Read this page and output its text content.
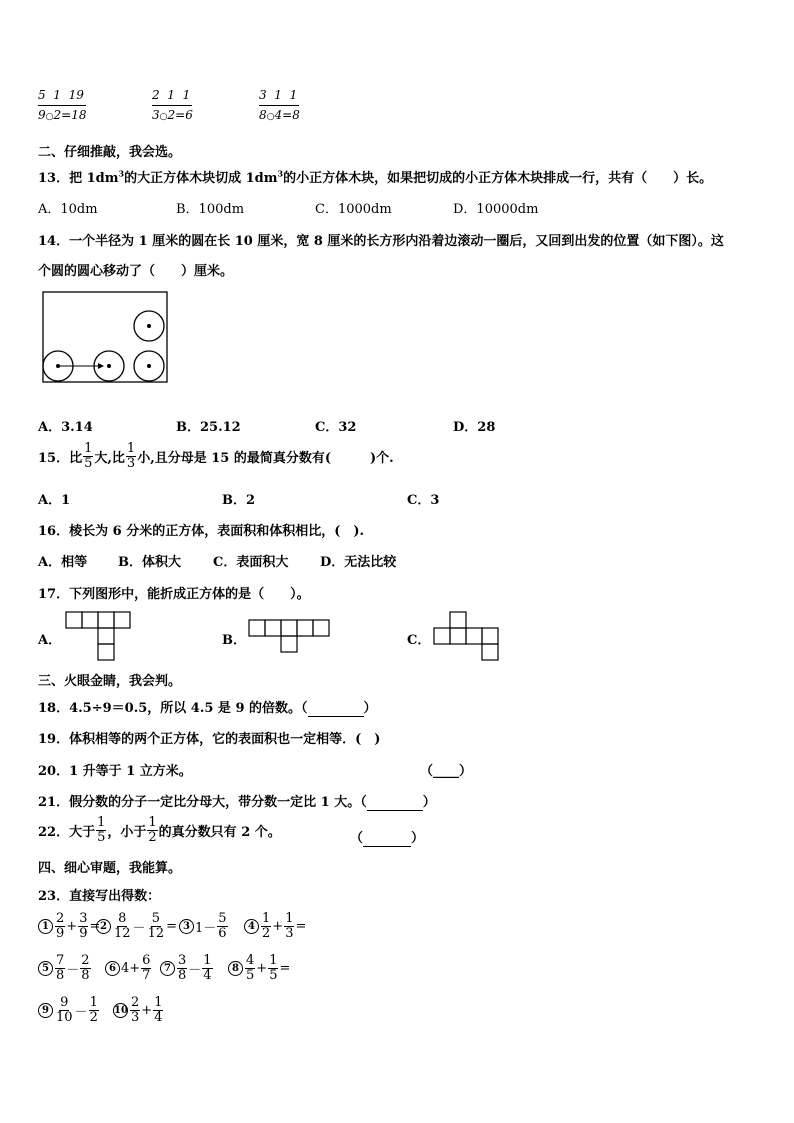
5 1 19
9○2=18
2 1 1
3○2=6
3 1 1
8○4=8
二、仔细推敲，我会选。
13．把 $1dm^3$的大正方体木块切成 $1dm^3$的小正方体木块，如果把切成的小正方体木块排成一行，共有（　　）长。
A．10dm	B．100dm	C．1000dm	D．10000dm
14．一个半径为 1 厘米的圆在长 10 厘米，宽 8 厘米的长方形内沿着边滚动一圈后，又回到出发的位置（如下图）。这
个圆的圆心移动了（　　）厘米。
A．3.14	B．25.12	C．32	D．28
15．比 $\frac{1}{5}$ 大,比 $\frac{1}{3}$ 小,且分母是 15 的最简真分数有(　　　)个.
A．1	B．2	C．3
16．棱长为 6 分米的正方体，表面积和体积相比，(　).
A．相等 B．体积大 C．表面积大 D．无法比较
17．下列图形中，能折成正方体的是（　　）。
A．	B．	C．
三、火眼金睛，我会判。
18．4.5÷9＝0.5，所以 4.5 是 9 的倍数。（	）
19．体积相等的两个正方体，它的表面积也一定相等．(　)
20．1 升等于 1 立方米。	（____）
21．假分数的分子一定比分母大，带分数一定比 1 大。（	）
22．大于 $\frac{1}{5}$ ，小于 $\frac{1}{2}$ 的真分数只有 2 个。	（	）
四、细心审题，我能算。
23．直接写出得数：
$1 \frac{2}{9} + \frac{3}{9} = 2 \frac{8}{12} - \frac{5}{12} = 3$ $1- \frac{5}{6}$	$4 \frac{1}{2} + \frac{1}{3}$ =
$5 \frac{7}{8} - \frac{2}{8}$	6 $4+ \frac{6}{7}$	$7 \frac{3}{8} - \frac{1}{4}$	$8 \frac{4}{5} + \frac{1}{5}$ =
$9 \frac{9}{10} - \frac{1}{2} 10 \frac{2}{3} + \frac{1}{4}$
